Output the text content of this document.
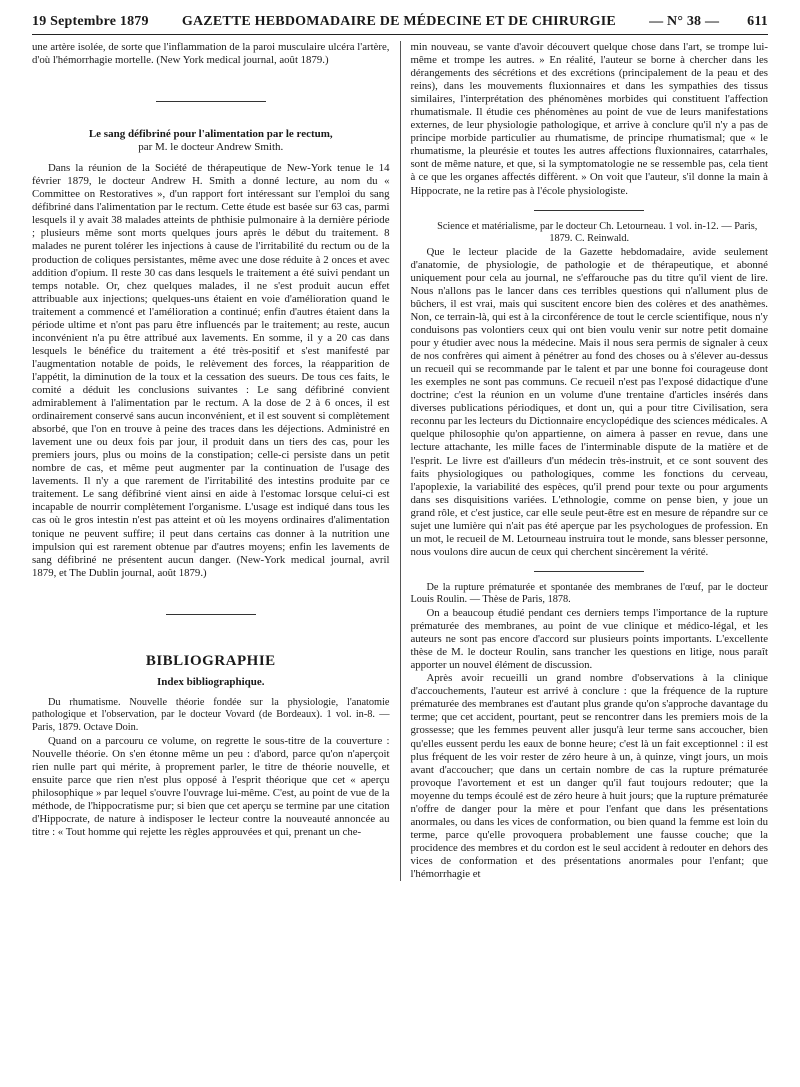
19 Septembre 1879 GAZETTE HEBDOMADAIRE DE MÉDECINE ET DE CHIRURGIE — N° 38 — 611

une artère isolée, de sorte que l'inflammation de la paroi musculaire ulcéra l'artère, d'où l'hémorrhagie mortelle. (New York medical journal, août 1879.)

Le sang défibriné pour l'alimentation par le rectum,
par M. le docteur Andrew Smith.

Dans la réunion de la Société de thérapeutique de New-York tenue le 14 février 1879, le docteur Andrew H. Smith a donné lecture, au nom du « Committee on Restoratives », d'un rapport fort intéressant sur l'emploi du sang défibriné dans l'alimentation par le rectum. Cette étude est basée sur 63 cas, parmi lesquels il y avait 38 malades atteints de phthisie pulmonaire à la dernière période ; plusieurs même sont morts quelques jours après le début du traitement. 8 malades ne purent tolérer les injections à cause de l'irritabilité du rectum ou de la production de coliques persistantes, même avec une dose réduite à 2 onces et avec addition d'opium. Il reste 30 cas dans lesquels le traitement a été suivi pendant un temps notable. Or, chez quelques malades, il ne s'est produit aucun effet attribuable aux injections; quelques-uns étaient en voie d'amélioration quand le traitement a commencé et l'amélioration a continué; enfin d'autres étaient dans la période ultime et n'ont pas paru être influencés par le traitement; au reste, aucun inconvénient n'a pu être attribué aux lavements. En somme, il y a 20 cas dans lesquels le bénéfice du traitement a été très-positif et s'est manifesté par l'augmentation notable de poids, le relèvement des forces, la réapparition de l'appétit, la diminution de la toux et la cessation des sueurs. De tous ces faits, le comité a déduit les conclusions suivantes : Le sang défibriné convient admirablement à l'alimentation par le rectum. A la dose de 2 à 6 onces, il est ordinairement conservé sans aucun inconvénient, et il est souvent si complètement absorbé, que l'on en trouve à peine des traces dans les déjections. Administré en lavement une ou deux fois par jour, il produit dans un tiers des cas, pour les premiers jours, plus ou moins de la constipation; celle-ci persiste dans un petit nombre de cas, et même peut augmenter par la continuation de l'usage des lavements. Il n'y a que rarement de l'irritabilité des intestins produite par ce traitement. Le sang défibriné vient ainsi en aide à l'estomac lorsque celui-ci est incapable de nourrir complètement l'organisme. L'usage est indiqué dans tous les cas où le gros intestin n'est pas atteint et où les moyens ordinaires d'alimentation tonique ne peuvent suffire; il peut dans certains cas donner à la nutrition une impulsion qui est rarement obtenue par d'autres moyens; enfin les lavements de sang défibriné ne présentent aucun danger. (New-York medical journal, avril 1879, et The Dublin journal, août 1879.)

BIBLIOGRAPHIE
Index bibliographique.

Du rhumatisme. Nouvelle théorie fondée sur la physiologie, l'anatomie pathologique et l'observation, par le docteur Vovard (de Bordeaux). 1 vol. in-8. — Paris, 1879. Octave Doin.

Quand on a parcouru ce volume, on regrette le sous-titre de la couverture : Nouvelle théorie. On s'en étonne même un peu : d'abord, parce qu'on n'aperçoit rien nulle part qui mérite, à proprement parler, le titre de théorie nouvelle, et ensuite parce que rien n'est plus opposé à l'esprit théorique que cet « aperçu philosophique » par lequel s'ouvre l'ouvrage lui-même. C'est, au point de vue de la méthode, de l'hippocratisme pur; si bien que cet aperçu se termine par une citation d'Hippocrate, de nature à indisposer le lecteur contre la nouveauté annoncée au titre : « Tout homme qui rejette les règles approuvées et qui, prenant un che-

min nouveau, se vante d'avoir découvert quelque chose dans l'art, se trompe lui-même et trompe les autres. » En réalité, l'auteur se borne à chercher dans les dérangements des sécrétions et des excrétions (principalement de la peau et des reins), dans les mouvements fluxionnaires et dans les sympathies des tissus similaires, l'interprétation des phénomènes morbides qui constituent l'affection rhumatismale. Il étudie ces phénomènes au point de vue de leurs manifestations externes, de leur physiologie pathologique, et arrive à conclure qu'il n'y a pas de principe morbide particulier au rhumatisme, de principe rhumatismal; que « le rhumatisme, la pleurésie et toutes les autres affections fluxionnaires, catarrhales, sont de même nature, et que, si la symptomatologie ne se ressemble pas, cela tient à ce que les organes affectés diffèrent. » On voit que l'auteur, s'il donne la main à Hippocrate, ne la retire pas à l'école physiologiste.

Science et matérialisme, par le docteur Ch. Letourneau. 1 vol. in-12. — Paris, 1879. C. Reinwald.

Que le lecteur placide de la Gazette hebdomadaire, avide seulement d'anatomie, de physiologie, de pathologie et de thérapeutique, et abonné uniquement pour cela au journal, ne s'effarouche pas du titre qu'il vient de lire. Nous n'allons pas le lancer dans ces terribles questions qui n'allument plus de bûchers, il est vrai, mais qui suscitent encore bien des colères et des anathèmes. Non, ce terrain-là, qui est à la circonférence de tout le cercle scientifique, nous n'y conduisons pas volontiers ceux qui ont bien voulu venir sur notre petit domaine pour y étudier avec nous la médecine. Mais il nous sera permis de signaler à ceux de nos confrères qui aiment à pénétrer au fond des choses ou à s'élever au-dessus un recueil qui se recommande par le talent et par une bonne foi courageuse dont les exemples ne sont pas communs. Ce recueil n'est pas l'exposé didactique d'une doctrine; c'est la réunion en un volume d'une trentaine d'articles insérés dans diverses publications périodiques, et dont un, qui a pour titre Civilisation, sera reconnu par les lecteurs du Dictionnaire encyclopédique des sciences médicales. A quelque philosophie qu'on appartienne, on aimera à passer en revue, dans une lecture attachante, les mille faces de l'interminable dispute de la matière et de l'esprit. Le livre est d'ailleurs d'un médecin très-instruit, et ce sont souvent des faits physiologiques ou pathologiques, comme les fonctions du cerveau, l'apoplexie, la variabilité des espèces, qu'il prend pour texte ou pour arguments dans ses disquisitions variées. L'ethnologie, comme on pense bien, y joue un grand rôle, et c'est justice, car elle seule peut-être est en mesure de répandre sur ce sujet une lumière qui n'ait pas été aperçue par les psychologues de profession. En un mot, le recueil de M. Letourneau instruira tout le monde, sans blesser personne, nous voulons dire aucun de ceux qui cherchent sincèrement la vérité.

De la rupture prématurée et spontanée des membranes de l'œuf, par le docteur Louis Roulin. — Thèse de Paris, 1878.

On a beaucoup étudié pendant ces derniers temps l'importance de la rupture prématurée des membranes, au point de vue clinique et médico-légal, et les auteurs ne sont pas encore d'accord sur plusieurs points importants. L'excellente thèse de M. le docteur Roulin, sans trancher les questions en litige, nous paraît apporter un nouvel élément de discussion.

Après avoir recueilli un grand nombre d'observations à la clinique d'accouchements, l'auteur est arrivé à conclure : que la fréquence de la rupture prématurée des membranes est d'autant plus grande qu'on s'approche davantage du terme; que cet accident, pourtant, peut se rencontrer dans les premiers mois de la grossesse; que les femmes peuvent aller jusqu'à leur terme sans accoucher, bien qu'elles eussent perdu les eaux de bonne heure; c'est là un fait exceptionnel : il est plus fréquent de les voir rester de zéro heure à un, à quinze, vingt jours, un mois avant d'accoucher; que dans un certain nombre de cas la rupture prématurée provoque l'avortement et est un danger qu'il faut toujours redouter; que la moyenne du temps écoulé est de zéro heure à huit jours; que la rupture prématurée n'offre de danger pour la mère et pour l'enfant que dans les présentations anormales, ou dans les vices de conformation, ou bien quand la femme est loin du terme, parce qu'elle provoquera probablement une fausse couche; que la procidence des membres et du cordon est le seul accident à redouter en dehors des vices de conformation et des présentations anormales pour l'enfant; que l'hémorrhagie et
